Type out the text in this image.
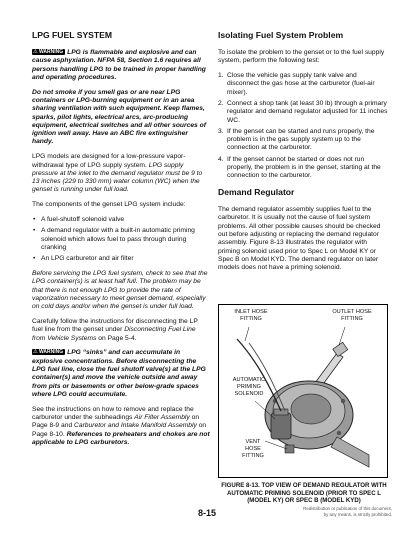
LPG FUEL SYSTEM

⚠WARNING LPG is flammable and explosive and can cause asphyxiation. NFPA 58, Section 1.6 requires all persons handling LPG to be trained in proper handling and operating procedures.

Do not smoke if you smell gas or are near LPG containers or LPG-burning equipment or in an area sharing ventilation with such equipment. Keep flames, sparks, pilot lights, electrical arcs, arc-producing equipment, electrical switches and all other sources of ignition well away. Have an ABC fire extinguisher handy.

LPG models are designed for a low-pressure vapor-withdrawal type of LPG supply system. LPG supply pressure at the inlet to the demand regulator must be 9 to 13 inches (229 to 330 mm) water column (WC) when the genset is running under full load.

The components of the genset LPG system include:

• A fuel-shutoff solenoid valve
• A demand regulator with a built-in automatic priming solenoid which allows fuel to pass through during cranking
• An LPG carburetor and air filter

Before servicing the LPG fuel system, check to see that the LPG container(s) is at least half full. The problem may be that there is not enough LPG to provide the rate of vaporization necessary to meet genset demand, especially on cold days and/or when the genset is under full load.

Carefully follow the instructions for disconnecting the LP fuel line from the genset under Disconnecting Fuel Line from Vehicle Systems on Page 5-4.

⚠WARNING LPG “sinks” and can accumulate in explosive concentrations. Before disconnecting the LPG fuel line, close the fuel shutoff valve(s) at the LPG container(s) and move the vehicle outside and away from pits or basements or other below-grade spaces where LPG could accumulate.

See the instructions on how to remove and replace the carburetor under the subheadings Air Filter Assembly on Page 8-9 and Carburetor and Intake Manifold Assembly on Page 8-10. References to preheaters and chokes are not applicable to LPG carburetors.

Isolating Fuel System Problem

To isolate the problem to the genset or to the fuel supply system, perform the following test:

1. Close the vehicle gas supply tank valve and disconnect the gas hose at the carburetor (fuel-air mixer).
2. Connect a shop tank (at least 30 lb) through a primary regulator and demand regulator adjusted for 11 inches WC.
3. If the genset can be started and runs properly, the problem is in the gas supply system up to the connection at the carburetor.
4. If the genset cannot be started or does not run properly, the problem is in the genset, starting at the connection to the carburetor.
Demand Regulator

The demand regulator assembly supplies fuel to the carburetor. It is usually not the cause of fuel system problems. All other possible causes should be checked out before adjusting or replacing the demand regulator assembly. Figure 8-13 illustrates the regulator with priming solenoid used prior to Spec L on Model KY or Spec B on Model KYD. The demand regulator on later models does not have a priming solenoid.

INLET HOSE
FITTING
OUTLET HOSE
FITTING
AUTOMATIC
PRIMING
SOLENOID
VENT
HOSE
FITTING
FIGURE 8-13. TOP VIEW OF DEMAND REGULATOR WITH AUTOMATIC PRIMING SOLENOID (PRIOR TO SPEC L (MODEL KY) OR SPEC B (MODEL KYD)
8-15	Redistribution or publication of this document,
by any means, is strictly prohibited.
